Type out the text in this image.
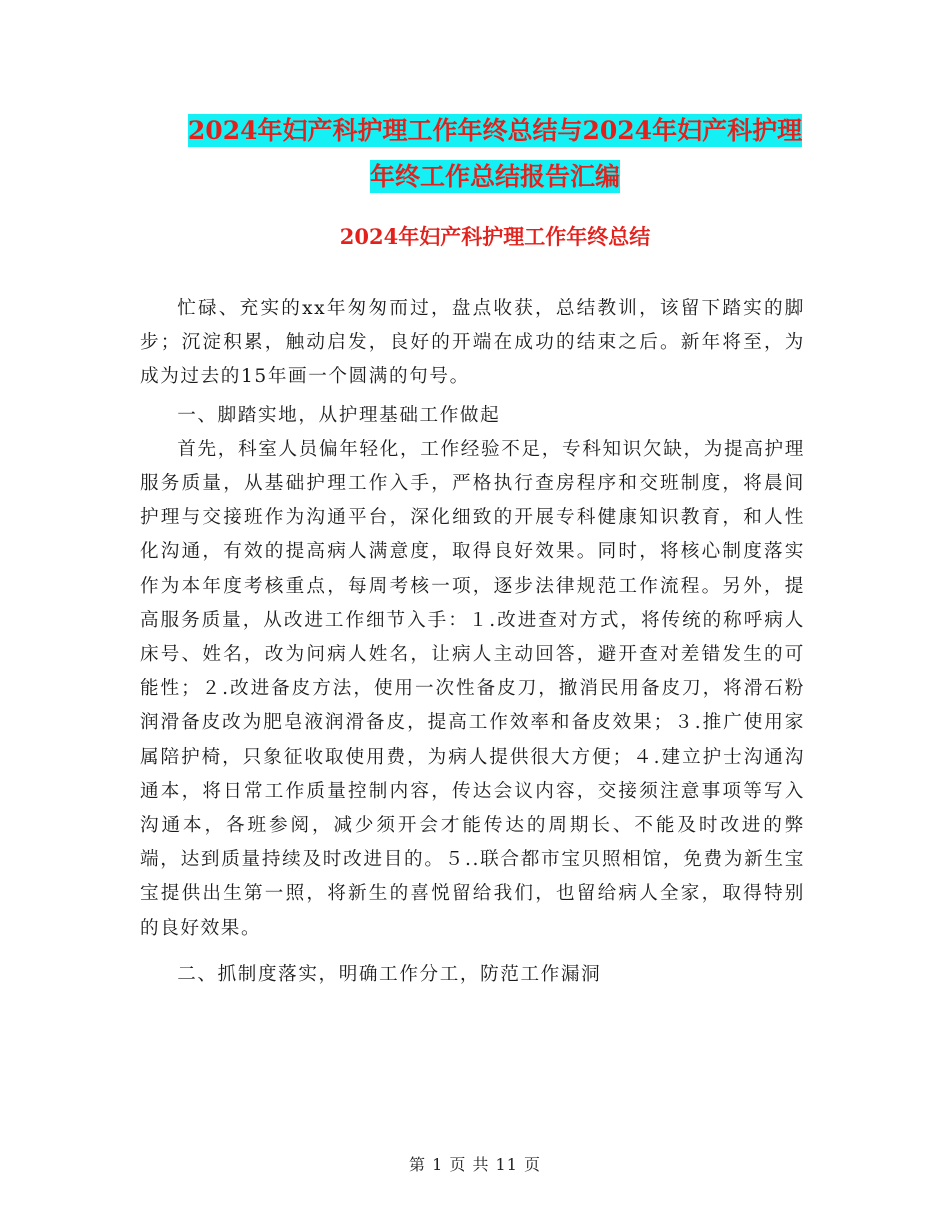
2024年妇产科护理工作年终总结与2024年妇产科护理
年终工作总结报告汇编
2024年妇产科护理工作年终总结

忙碌、充实的xx年匆匆而过，盘点收获，总结教训，该留下踏实的脚步；沉淀积累，触动启发，良好的开端在成功的结束之后。新年将至，为成为过去的15年画一个圆满的句号。

一、脚踏实地，从护理基础工作做起

首先，科室人员偏年轻化，工作经验不足，专科知识欠缺，为提高护理服务质量，从基础护理工作入手，严格执行查房程序和交班制度，将晨间护理与交接班作为沟通平台，深化细致的开展专科健康知识教育，和人性化沟通，有效的提高病人满意度，取得良好效果。同时，将核心制度落实作为本年度考核重点，每周考核一项，逐步法律规范工作流程。另外，提高服务质量，从改进工作细节入手：１.改进查对方式，将传统的称呼病人床号、姓名，改为问病人姓名，让病人主动回答，避开查对差错发生的可能性；２.改进备皮方法，使用一次性备皮刀，撤消民用备皮刀，将滑石粉润滑备皮改为肥皂液润滑备皮，提高工作效率和备皮效果；３.推广使用家属陪护椅，只象征收取使用费，为病人提供很大方便；４.建立护士沟通沟通本，将日常工作质量控制内容，传达会议内容，交接须注意事项等写入沟通本，各班参阅，减少须开会才能传达的周期长、不能及时改进的弊端，达到质量持续及时改进目的。５..联合都市宝贝照相馆，免费为新生宝宝提供出生第一照，将新生的喜悦留给我们，也留给病人全家，取得特别的良好效果。

二、抓制度落实，明确工作分工，防范工作漏洞

第 1 页 共 11 页
